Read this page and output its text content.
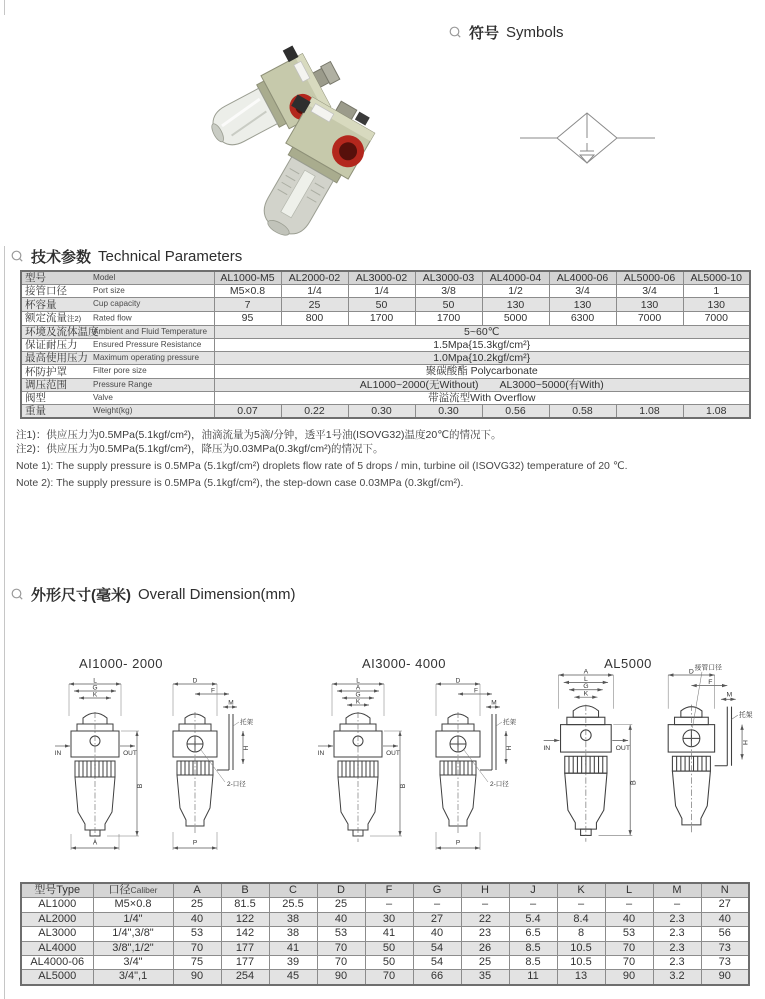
符号 Symbols
技术参数 Technical Parameters
型号 Model	AL1000-M5	AL2000-02	AL3000-02	AL3000-03	AL4000-04	AL4000-06	AL5000-06	AL5000-10
接管口径 Port size	M5×0.8	1/4	1/4	3/8	1/2	3/4	3/4	1
杯容量 Cup capacity	7	25	50	50	130	130	130	130
额定流量注2) Rated flow	95	800	1700	1700	5000	6300	7000	7000
环境及流体温度Ambient and Fluid Temperature	5~60℃							
保证耐压力 Ensured Pressure Resistance	1.5Mpa{15.3kgf/cm²}							
最高使用压力 Maximum operating pressure	1.0Mpa{10.2kgf/cm²}							
杯防护罩 Filter pore size	聚碳酸酯 Polycarbonate							
调压范围 Pressure Range	AL1000~2000(无Without)　　AL3000~5000(有With)							
阀型 Valve	带溢流型With Overflow							
重量 Weight(kg)	0.07	0.22	0.30	0.30	0.56	0.58	1.08	1.08
注1)：供应压力为0.5MPa(5.1kgf/cm²)，油滴流量为5滴/分钟，透平1号油(ISOVG32)温度20℃的情况下。
注2)：供应压力为0.5MPa(5.1kgf/cm²)，降压为0.03MPa(0.3kgf/cm²)的情况下。
Note 1): The supply pressure is 0.5MPa (5.1kgf/cm²) droplets flow rate of 5 drops / min, turbine oil (ISOVG32) temperature of 20 ℃.
Note 2): The supply pressure is 0.5MPa (5.1kgf/cm²), the step-down case 0.03MPa (0.3kgf/cm²).
外形尺寸(毫米) Overall Dimension(mm)
AI1000- 2000	AI3000- 4000	AL5000
L
G
K
IN	OUT
B
A
D
F
M
H
托架
2-口径
P
L
A
G
K
IN	OUT
B
D
F
M
H
托架
2-口径
P
A
L
G
K
IN	OUT
B
D
F
M
H
托架
接管口径
型号Type	口径Caliber	A	B	C	D	F	G	H	J	K	L	M	N
AL1000	M5×0.8	25	81.5	25.5	25	–	–	–	–	–	–	–	27
AL2000	1/4"	40	122	38	40	30	27	22	5.4	8.4	40	2.3	40
AL3000	1/4",3/8"	53	142	38	53	41	40	23	6.5	8	53	2.3	56
AL4000	3/8",1/2"	70	177	41	70	50	54	26	8.5	10.5	70	2.3	73
AL4000-06	3/4"	75	177	39	70	50	54	25	8.5	10.5	70	2.3	73
AL5000	3/4",1	90	254	45	90	70	66	35	11	13	90	3.2	90
